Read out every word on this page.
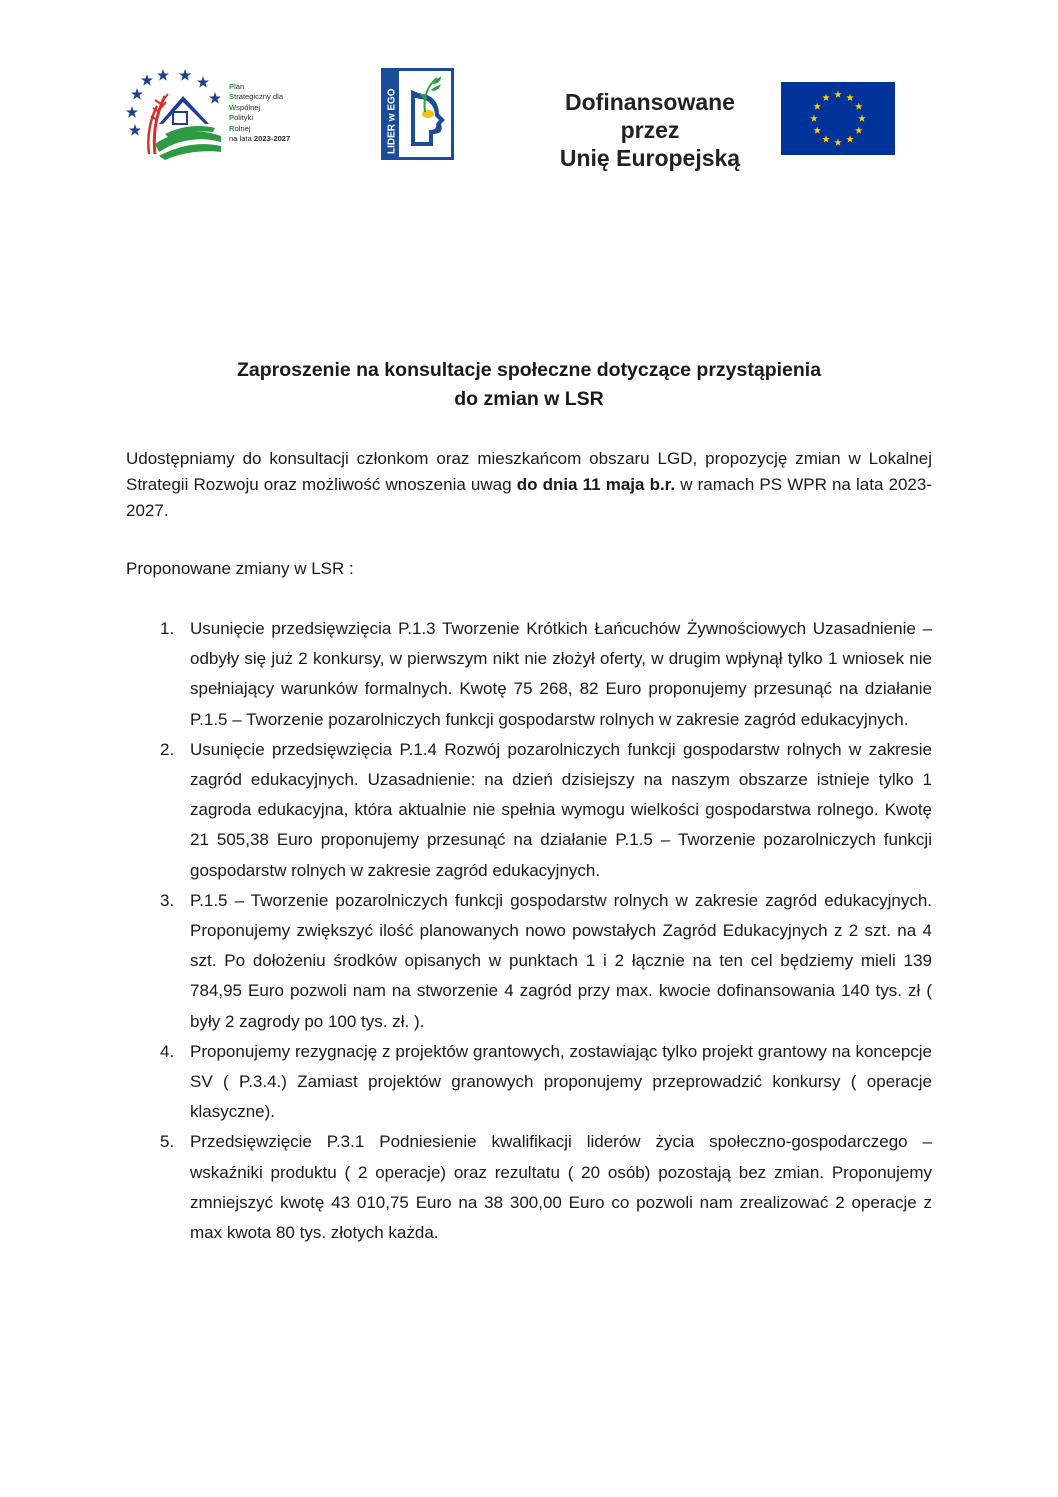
Plan
Strategiczny dla
Wspólnej
Polityki
Rolnej
na lata 2023-2027	LIDER w EGO	Dofinansowane przez
Unię Europejską
Zaproszenie na konsultacje społeczne dotyczące przystąpienia
do zmian w LSR

Udostępniamy do konsultacji członkom oraz mieszkańcom obszaru LGD, propozycję zmian w Lokalnej Strategii Rozwoju oraz możliwość wnoszenia uwag do dnia 11 maja b.r. w ramach PS WPR na lata 2023-2027.

Proponowane zmiany w LSR :
1. Usunięcie przedsięwzięcia P.1.3 Tworzenie Krótkich Łańcuchów Żywnościowych Uzasadnienie – odbyły się już 2 konkursy, w pierwszym nikt nie złożył oferty, w drugim wpłynął tylko 1 wniosek nie spełniający warunków formalnych. Kwotę 75 268, 82 Euro proponujemy przesunąć na działanie P.1.5 – Tworzenie pozarolniczych funkcji gospodarstw rolnych w zakresie zagród edukacyjnych.
2. Usunięcie przedsięwzięcia P.1.4 Rozwój pozarolniczych funkcji gospodarstw rolnych w zakresie zagród edukacyjnych. Uzasadnienie: na dzień dzisiejszy na naszym obszarze istnieje tylko 1 zagroda edukacyjna, która aktualnie nie spełnia wymogu wielkości gospodarstwa rolnego. Kwotę 21 505,38 Euro proponujemy przesunąć na działanie P.1.5 – Tworzenie pozarolniczych funkcji gospodarstw rolnych w zakresie zagród edukacyjnych.
3. P.1.5 – Tworzenie pozarolniczych funkcji gospodarstw rolnych w zakresie zagród edukacyjnych. Proponujemy zwiększyć ilość planowanych nowo powstałych Zagród Edukacyjnych z 2 szt. na 4 szt. Po dołożeniu środków opisanych w punktach 1 i 2 łącznie na ten cel będziemy mieli 139 784,95 Euro pozwoli nam na stworzenie 4 zagród przy max. kwocie dofinansowania 140 tys. zł ( były 2 zagrody po 100 tys. zł. ).
4. Proponujemy rezygnację z projektów grantowych, zostawiając tylko projekt grantowy na koncepcje SV ( P.3.4.) Zamiast projektów granowych proponujemy przeprowadzić konkursy ( operacje klasyczne).
5. Przedsięwzięcie P.3.1 Podniesienie kwalifikacji liderów życia społeczno-gospodarczego – wskaźniki produktu ( 2 operacje) oraz rezultatu ( 20 osób) pozostają bez zmian. Proponujemy zmniejszyć kwotę 43 010,75 Euro na 38 300,00 Euro co pozwoli nam zrealizować 2 operacje z max kwota 80 tys. złotych każda.
